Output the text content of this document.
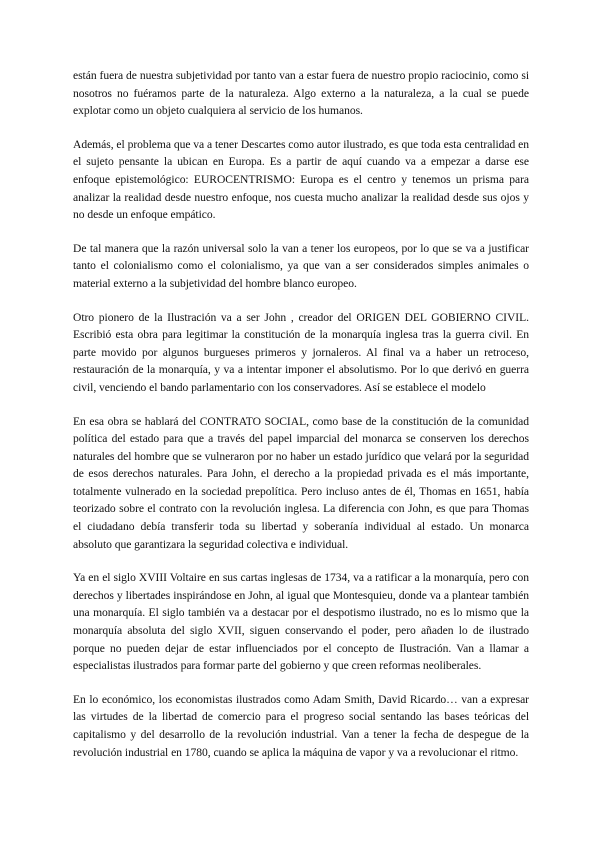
están fuera de nuestra subjetividad por tanto van a estar fuera de nuestro propio raciocinio, como si nosotros no fuéramos parte de la naturaleza. Algo externo a la naturaleza, a la cual se puede explotar como un objeto cualquiera al servicio de los humanos.

Además, el problema que va a tener Descartes como autor ilustrado, es que toda esta centralidad en el sujeto pensante la ubican en Europa. Es a partir de aquí cuando va a empezar a darse ese enfoque epistemológico: EUROCENTRISMO: Europa es el centro y tenemos un prisma para analizar la realidad desde nuestro enfoque, nos cuesta mucho analizar la realidad desde sus ojos y no desde un enfoque empático.

De tal manera que la razón universal solo la van a tener los europeos, por lo que se va a justificar tanto el colonialismo como el colonialismo, ya que van a ser considerados simples animales o material externo a la subjetividad del hombre blanco europeo.

Otro pionero de la Ilustración va a ser John , creador del ORIGEN DEL GOBIERNO CIVIL. Escribió esta obra para legitimar la constitución de la monarquía inglesa tras la guerra civil. En parte movido por algunos burgueses primeros y jornaleros. Al final va a haber un retroceso, restauración de la monarquía, y va a intentar imponer el absolutismo. Por lo que derivó en guerra civil, venciendo el bando parlamentario con los conservadores. Así se establece el modelo

En esa obra se hablará del CONTRATO SOCIAL, como base de la constitución de la comunidad política del estado para que a través del papel imparcial del monarca se conserven los derechos naturales del hombre que se vulneraron por no haber un estado jurídico que velará por la seguridad de esos derechos naturales. Para John, el derecho a la propiedad privada es el más importante, totalmente vulnerado en la sociedad prepolítica. Pero incluso antes de él, Thomas en 1651, había teorizado sobre el contrato con la revolución inglesa. La diferencia con John, es que para Thomas el ciudadano debía transferir toda su libertad y soberanía individual al estado. Un monarca absoluto que garantizara la seguridad colectiva e individual.

Ya en el siglo XVIII Voltaire en sus cartas inglesas de 1734, va a ratificar a la monarquía, pero con derechos y libertades inspirándose en John, al igual que Montesquieu, donde va a plantear también una monarquía. El siglo también va a destacar por el despotismo ilustrado, no es lo mismo que la monarquía absoluta del siglo XVII, siguen conservando el poder, pero añaden lo de ilustrado porque no pueden dejar de estar influenciados por el concepto de Ilustración. Van a llamar a especialistas ilustrados para formar parte del gobierno y que creen reformas neoliberales.

En lo económico, los economistas ilustrados como Adam Smith, David Ricardo… van a expresar las virtudes de la libertad de comercio para el progreso social sentando las bases teóricas del capitalismo y del desarrollo de la revolución industrial. Van a tener la fecha de despegue de la revolución industrial en 1780, cuando se aplica la máquina de vapor y va a revolucionar el ritmo.
